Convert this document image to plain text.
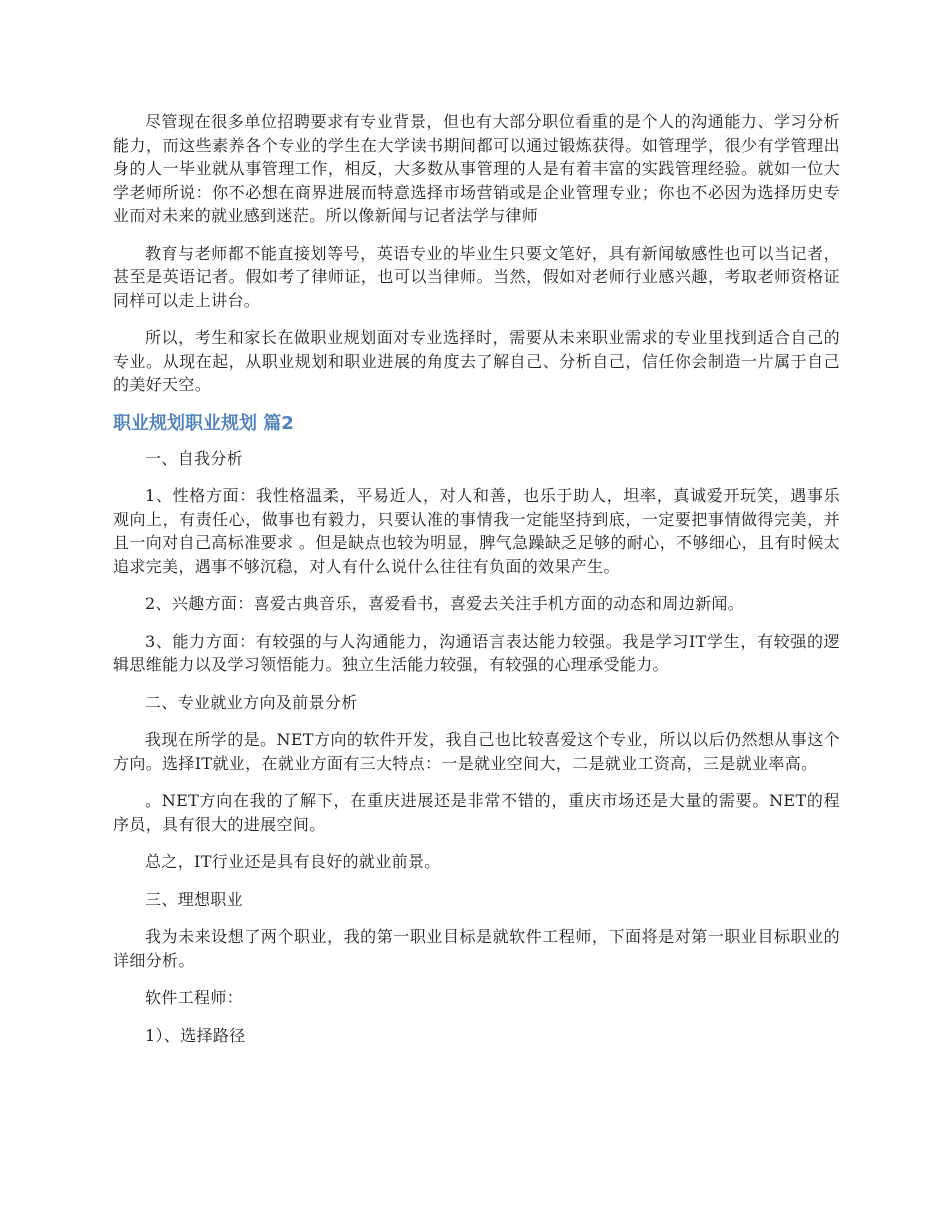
尽管现在很多单位招聘要求有专业背景，但也有大部分职位看重的是个人的沟通能力、学习分析能力，而这些素养各个专业的学生在大学读书期间都可以通过锻炼获得。如管理学，很少有学管理出身的人一毕业就从事管理工作，相反，大多数从事管理的人是有着丰富的实践管理经验。就如一位大学老师所说：你不必想在商界进展而特意选择市场营销或是企业管理专业；你也不必因为选择历史专业而对未来的就业感到迷茫。所以像新闻与记者法学与律师

教育与老师都不能直接划等号，英语专业的毕业生只要文笔好，具有新闻敏感性也可以当记者，甚至是英语记者。假如考了律师证，也可以当律师。当然，假如对老师行业感兴趣，考取老师资格证同样可以走上讲台。

所以，考生和家长在做职业规划面对专业选择时，需要从未来职业需求的专业里找到适合自己的专业。从现在起，从职业规划和职业进展的角度去了解自己、分析自己，信任你会制造一片属于自己的美好天空。

职业规划职业规划 篇2

一、自我分析

1、性格方面：我性格温柔，平易近人，对人和善，也乐于助人，坦率，真诚爱开玩笑，遇事乐观向上，有责任心，做事也有毅力，只要认准的事情我一定能坚持到底，一定要把事情做得完美，并且一向对自己高标准要求 。但是缺点也较为明显，脾气急躁缺乏足够的耐心，不够细心，且有时候太追求完美，遇事不够沉稳，对人有什么说什么往往有负面的效果产生。

2、兴趣方面：喜爱古典音乐，喜爱看书，喜爱去关注手机方面的动态和周边新闻。

3、能力方面：有较强的与人沟通能力，沟通语言表达能力较强。我是学习IT学生，有较强的逻辑思维能力以及学习领悟能力。独立生活能力较强，有较强的心理承受能力。

二、专业就业方向及前景分析

我现在所学的是。NET方向的软件开发，我自己也比较喜爱这个专业，所以以后仍然想从事这个方向。选择IT就业，在就业方面有三大特点：一是就业空间大，二是就业工资高，三是就业率高。

。NET方向在我的了解下，在重庆进展还是非常不错的，重庆市场还是大量的需要。NET的程序员，具有很大的进展空间。

总之，IT行业还是具有良好的就业前景。

三、理想职业

我为未来设想了两个职业，我的第一职业目标是就软件工程师，下面将是对第一职业目标职业的详细分析。

软件工程师：

1）、选择路径
